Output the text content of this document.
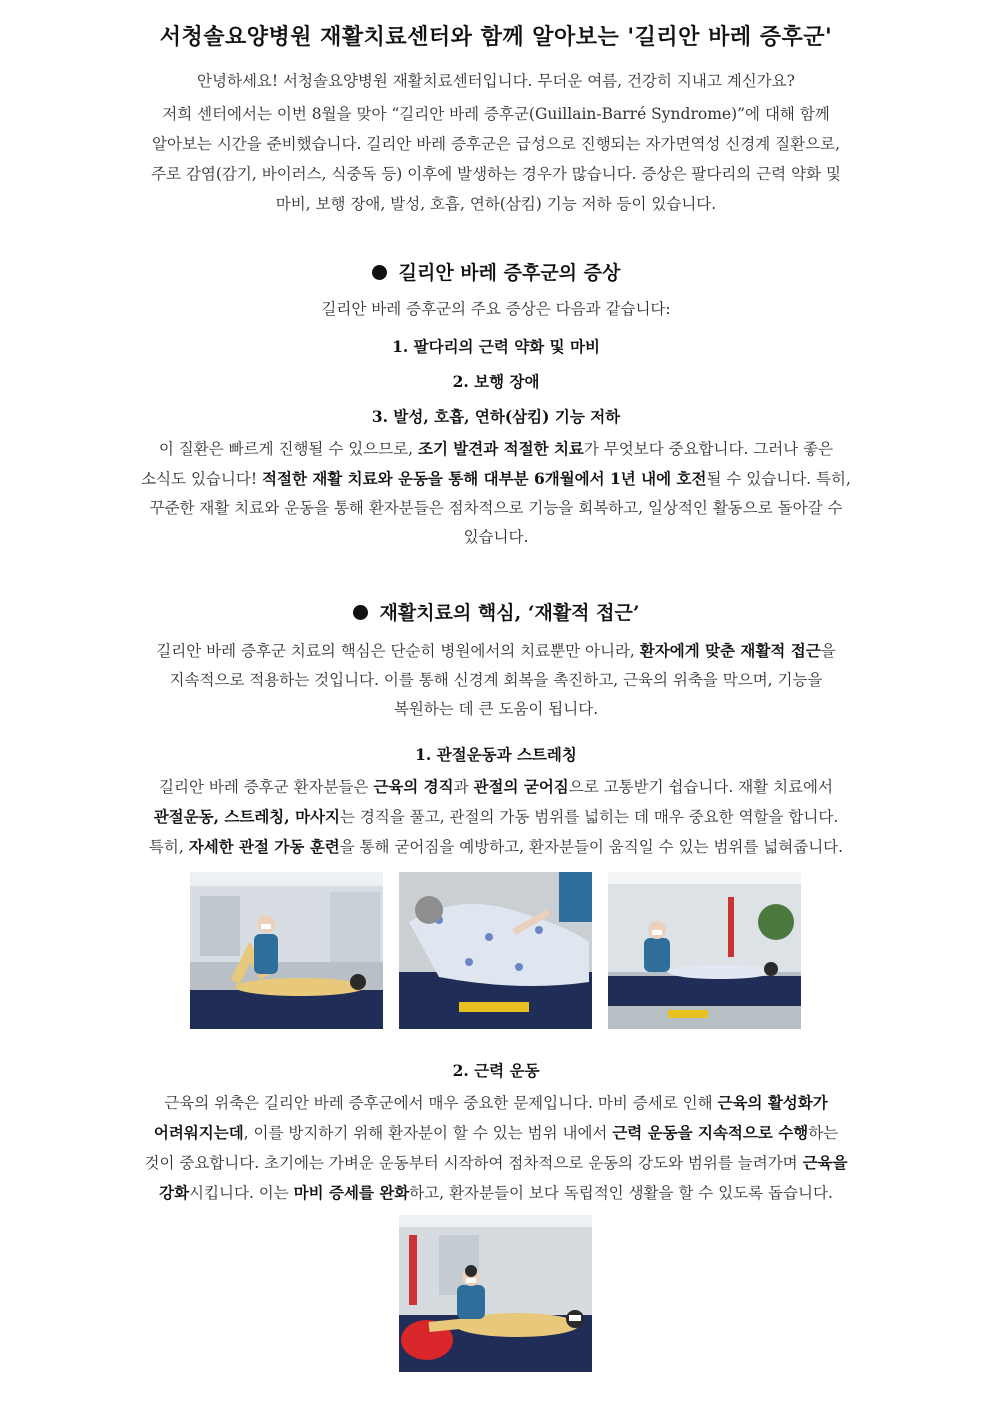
서청솔요양병원 재활치료센터와 함께 알아보는 '길리안 바레 증후군'
안녕하세요! 서청솔요양병원 재활치료센터입니다. 무더운 여름, 건강히 지내고 계신가요?
저희 센터에서는 이번 8월을 맞아 “길리안 바레 증후군(Guillain-Barré Syndrome)”에 대해 함께
알아보는 시간을 준비했습니다. 길리안 바레 증후군은 급성으로 진행되는 자가면역성 신경계 질환으로,
주로 감염(감기, 바이러스, 식중독 등) 이후에 발생하는 경우가 많습니다. 증상은 팔다리의 근력 약화 및
마비, 보행 장애, 발성, 호흡, 연하(삼킴) 기능 저하 등이 있습니다.
길리안 바레 증후군의 증상
길리안 바레 증후군의 주요 증상은 다음과 같습니다:
1. 팔다리의 근력 약화 및 마비
2. 보행 장애
3. 발성, 호흡, 연하(삼킴) 기능 저하
이 질환은 빠르게 진행될 수 있으므로, 조기 발견과 적절한 치료가 무엇보다 중요합니다. 그러나 좋은
소식도 있습니다! 적절한 재활 치료와 운동을 통해 대부분 6개월에서 1년 내에 호전될 수 있습니다. 특히,
꾸준한 재활 치료와 운동을 통해 환자분들은 점차적으로 기능을 회복하고, 일상적인 활동으로 돌아갈 수
있습니다.
재활치료의 핵심, ‘재활적 접근’
길리안 바레 증후군 치료의 핵심은 단순히 병원에서의 치료뿐만 아니라, 환자에게 맞춘 재활적 접근을
지속적으로 적용하는 것입니다. 이를 통해 신경계 회복을 촉진하고, 근육의 위축을 막으며, 기능을
복원하는 데 큰 도움이 됩니다.
1. 관절운동과 스트레칭
길리안 바레 증후군 환자분들은 근육의 경직과 관절의 굳어짐으로 고통받기 쉽습니다. 재활 치료에서
관절운동, 스트레칭, 마사지는 경직을 풀고, 관절의 가동 범위를 넓히는 데 매우 중요한 역할을 합니다.
특히, 자세한 관절 가동 훈련을 통해 굳어짐을 예방하고, 환자분들이 움직일 수 있는 범위를 넓혀줍니다.
2. 근력 운동
근육의 위축은 길리안 바레 증후군에서 매우 중요한 문제입니다. 마비 증세로 인해 근육의 활성화가
어려워지는데, 이를 방지하기 위해 환자분이 할 수 있는 범위 내에서 근력 운동을 지속적으로 수행하는
것이 중요합니다. 초기에는 가벼운 운동부터 시작하여 점차적으로 운동의 강도와 범위를 늘려가며 근육을
강화시킵니다. 이는 마비 증세를 완화하고, 환자분들이 보다 독립적인 생활을 할 수 있도록 돕습니다.
